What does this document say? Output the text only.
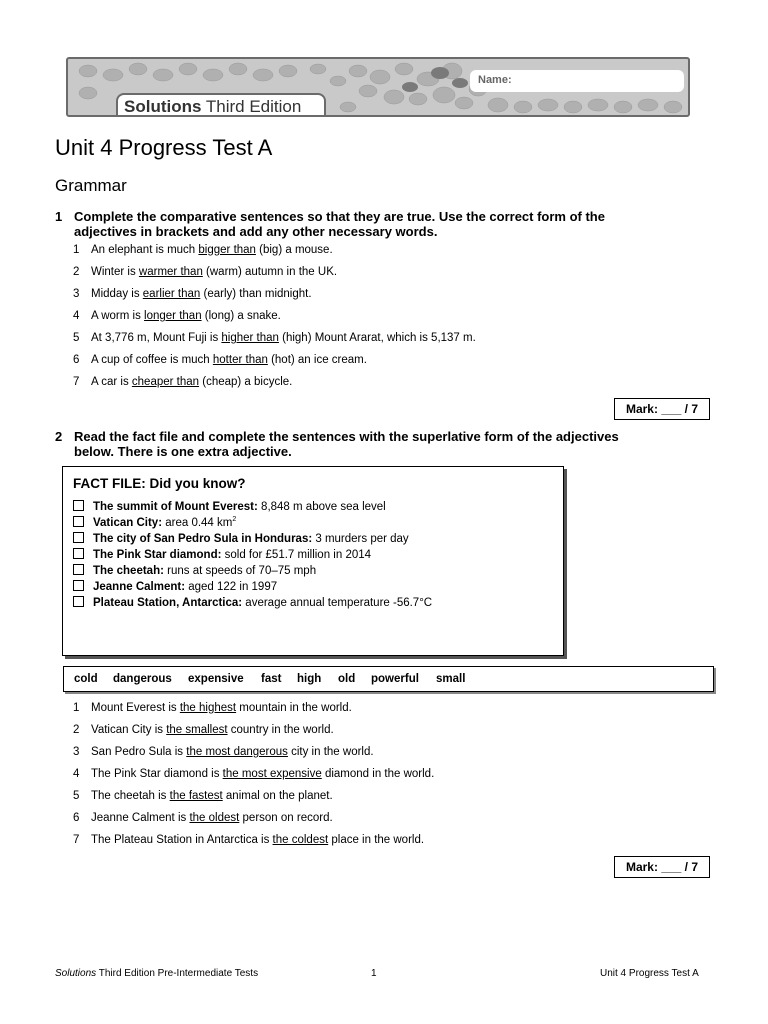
Name:
Solutions Third Edition
Unit 4 Progress Test A
Grammar
1 Complete the comparative sentences so that they are true. Use the correct form of the adjectives in brackets and add any other necessary words.
1 An elephant is much bigger than (big) a mouse.
2 Winter is warmer than (warm) autumn in the UK.
3 Midday is earlier than (early) than midnight.
4 A worm is longer than (long) a snake.
5 At 3,776 m, Mount Fuji is higher than (high) Mount Ararat, which is 5,137 m.
6 A cup of coffee is much hotter than (hot) an ice cream.
7 A car is cheaper than (cheap) a bicycle.
Mark: ___ / 7
2 Read the fact file and complete the sentences with the superlative form of the adjectives below. There is one extra adjective.
FACT FILE: Did you know?
The summit of Mount Everest: 8,848 m above sea level
Vatican City: area 0.44 $km^2$
The city of San Pedro Sula in Honduras: 3 murders per day
The Pink Star diamond: sold for £51.7 million in 2014
The cheetah: runs at speeds of 70–75 mph
Jeanne Calment: aged 122 in 1997
Plateau Station, Antarctica: average annual temperature -56.7°C
cold dangerous expensive fast high old powerful small
1 Mount Everest is the highest mountain in the world.
2 Vatican City is the smallest country in the world.
3 San Pedro Sula is the most dangerous city in the world.
4 The Pink Star diamond is the most expensive diamond in the world.
5 The cheetah is the fastest animal on the planet.
6 Jeanne Calment is the oldest person on record.
7 The Plateau Station in Antarctica is the coldest place in the world.
Mark: ___ / 7
Solutions Third Edition Pre-Intermediate Tests	1	Unit 4 Progress Test A
